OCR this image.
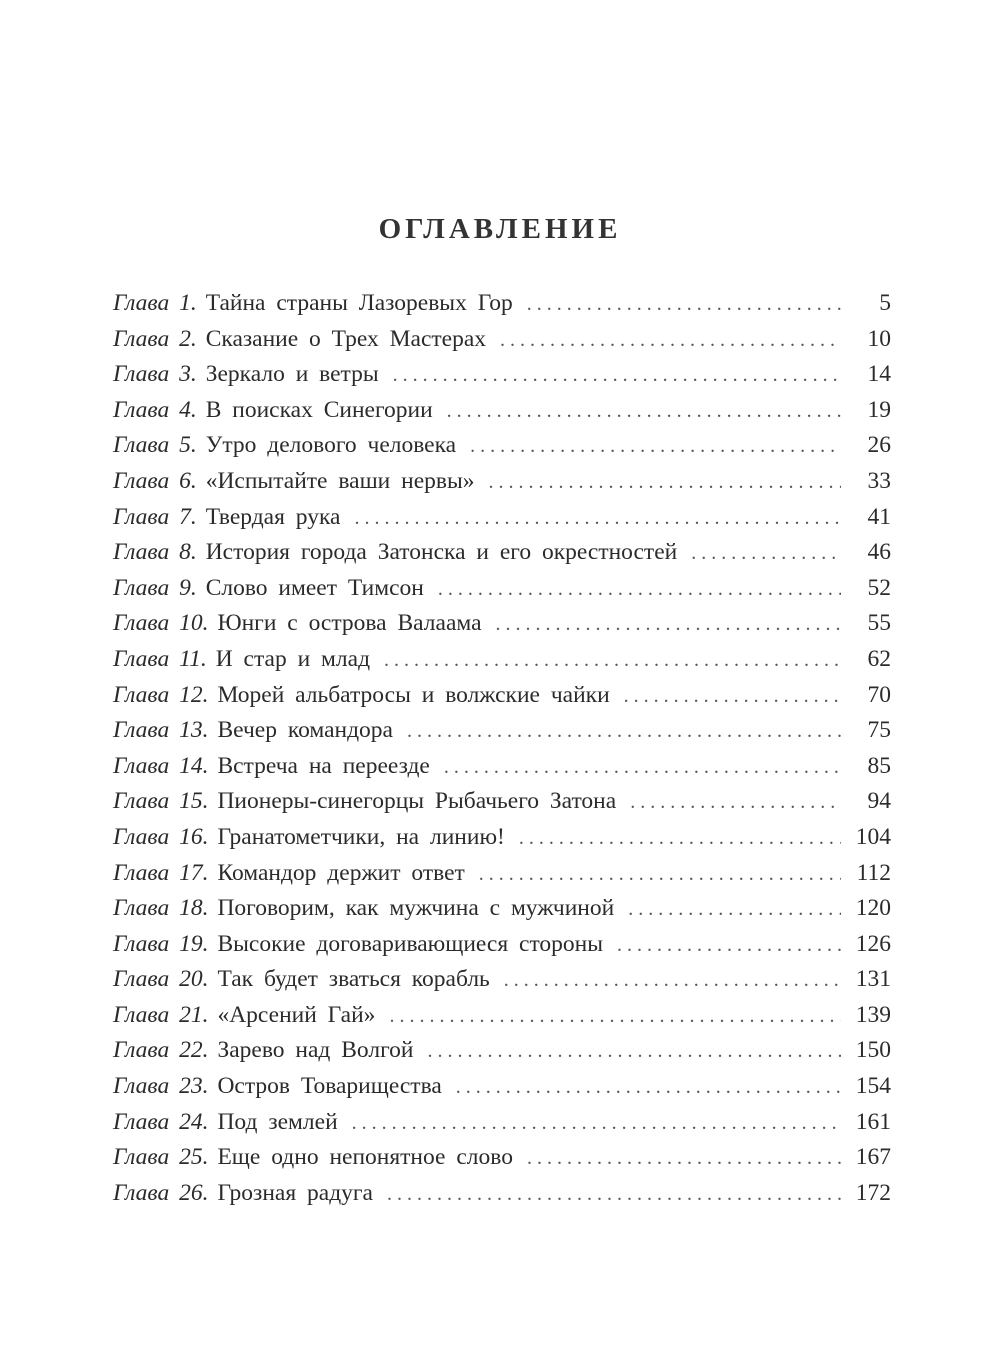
ОГЛАВЛЕНИЕ
Глава 1. Тайна страны Лазоревых Гор . . .	5
Глава 2. Сказание о Трех Мастерах . . .	10
Глава 3. Зеркало и ветры . . .	14
Глава 4. В поисках Синегории . . .	19
Глава 5. Утро делового человека . . .	26
Глава 6. «Испытайте ваши нервы» . . .	33
Глава 7. Твердая рука . . .	41
Глава 8. История города Затонска и его окрестностей . . .	46
Глава 9. Слово имеет Тимсон . . .	52
Глава 10. Юнги с острова Валаама . . .	55
Глава 11. И стар и млад . . .	62
Глава 12. Морей альбатросы и волжские чайки . . .	70
Глава 13. Вечер командора . . .	75
Глава 14. Встреча на переезде . . .	85
Глава 15. Пионеры-синегорцы Рыбачьего Затона . . .	94
Глава 16. Гранатометчики, на линию! . . .	104
Глава 17. Командор держит ответ . . .	112
Глава 18. Поговорим, как мужчина с мужчиной . . .	120
Глава 19. Высокие договаривающиеся стороны . . .	126
Глава 20. Так будет зваться корабль . . .	131
Глава 21. «Арсений Гай» . . .	139
Глава 22. Зарево над Волгой . . .	150
Глава 23. Остров Товарищества . . .	154
Глава 24. Под землей . . .	161
Глава 25. Еще одно непонятное слово . . .	167
Глава 26. Грозная радуга . . .	172
